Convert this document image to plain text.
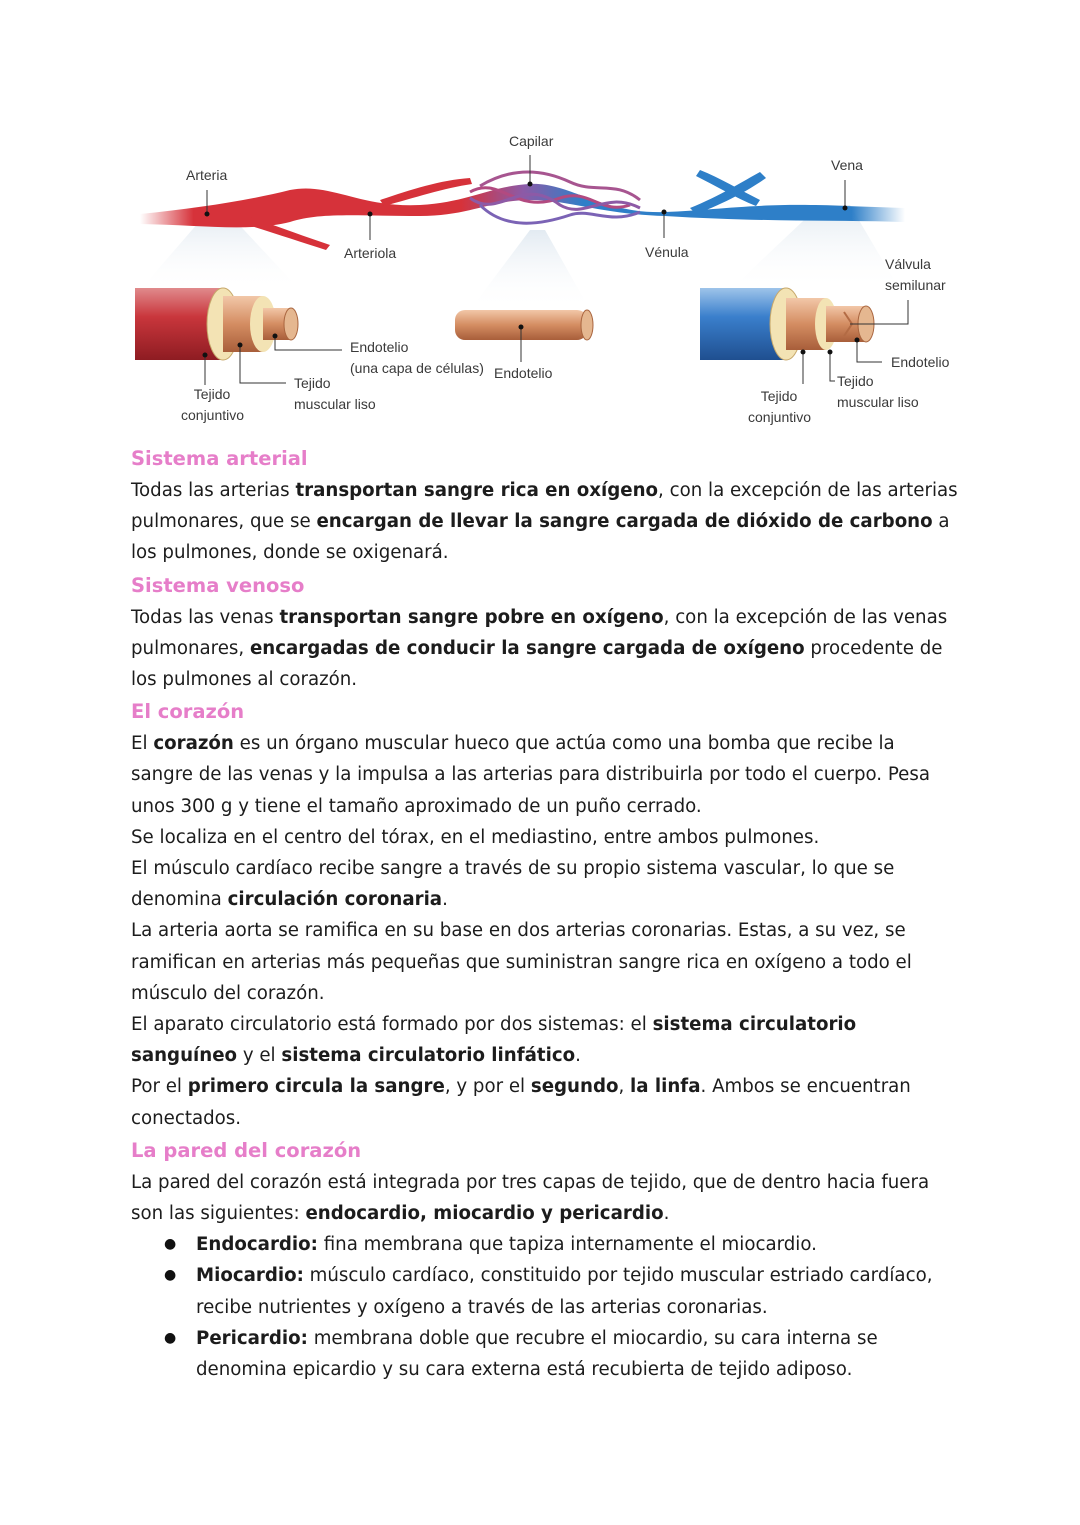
Arteria
Arteriola
Capilar
Vénula
Vena
Válvula
semilunar
Endotelio
(una capa de células) Endotelio
Endotelio
Tejido
conjuntivo
Tejido
muscular liso	Tejido
conjuntivo
Tejido
muscular liso
Sistema arterial

Todas las arterias transportan sangre rica en oxígeno, con la excepción de las arterias pulmonares, que se encargan de llevar la sangre cargada de dióxido de carbono a los pulmones, donde se oxigenará.

Sistema venoso

Todas las venas transportan sangre pobre en oxígeno, con la excepción de las venas pulmonares, encargadas de conducir la sangre cargada de oxígeno procedente de los pulmones al corazón.

El corazón

El corazón es un órgano muscular hueco que actúa como una bomba que recibe la sangre de las venas y la impulsa a las arterias para distribuirla por todo el cuerpo. Pesa unos 300 g y tiene el tamaño aproximado de un puño cerrado.

Se localiza en el centro del tórax, en el mediastino, entre ambos pulmones.

El músculo cardíaco recibe sangre a través de su propio sistema vascular, lo que se denomina circulación coronaria.

La arteria aorta se ramifica en su base en dos arterias coronarias. Estas, a su vez, se ramifican en arterias más pequeñas que suministran sangre rica en oxígeno a todo el músculo del corazón.

El aparato circulatorio está formado por dos sistemas: el sistema circulatorio sanguíneo y el sistema circulatorio linfático.

Por el primero circula la sangre, y por el segundo, la linfa. Ambos se encuentran conectados.

La pared del corazón

La pared del corazón está integrada por tres capas de tejido, que de dentro hacia fuera son las siguientes: endocardio, miocardio y pericardio.

● Endocardio: fina membrana que tapiza internamente el miocardio.
● Miocardio: músculo cardíaco, constituido por tejido muscular estriado cardíaco, recibe nutrientes y oxígeno a través de las arterias coronarias.
● Pericardio: membrana doble que recubre el miocardio, su cara interna se denomina epicardio y su cara externa está recubierta de tejido adiposo.
